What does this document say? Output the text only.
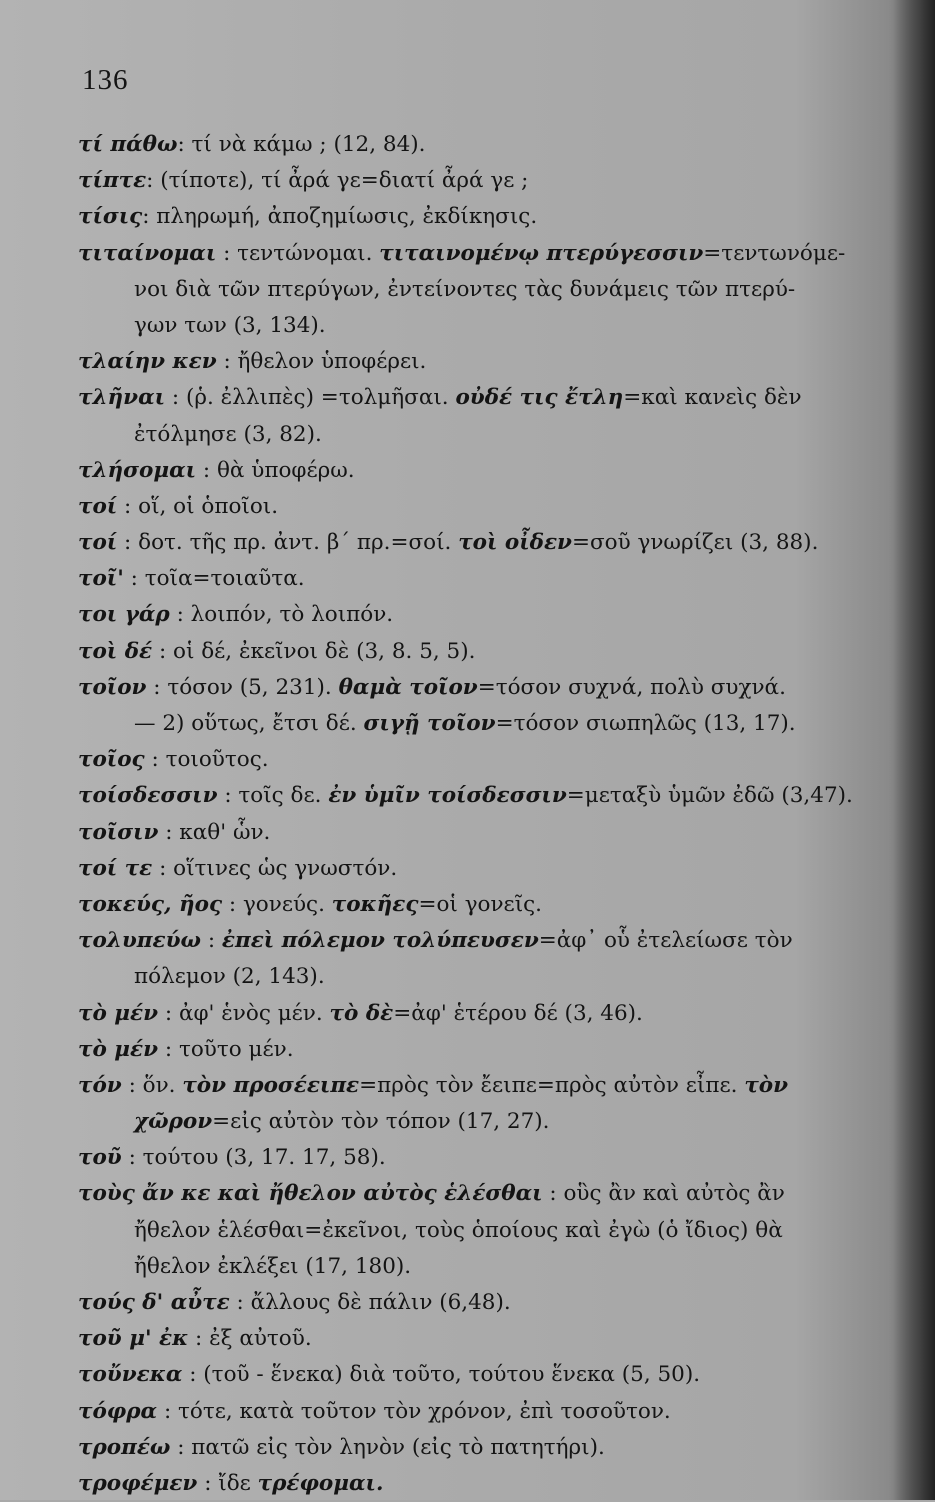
136
τί πάθω: τί νὰ κάμω ; (12, 84).
τίπτε: (τίποτε), τί ἆρά γε=διατί ἆρά γε ;
τίσις: πληρωμή, ἀποζημίωσις, ἐκδίκησις.
τιταίνομαι : τεντώνομαι. τιταινομένῳ πτερύγεσσιν=τεντωνόμε-
νοι διὰ τῶν πτερύγων, ἐντείνοντες τὰς δυνάμεις τῶν πτερύ-
γων των (3, 134).
τλαίην κεν : ἤθελον ὑποφέρει.
τλῆναι : (ῥ. ἐλλιπὲς) =τολμῆσαι. οὐδέ τις ἔτλη=καὶ κανεὶς δὲν
ἐτόλμησε (3, 82).
τλήσομαι : θὰ ὑποφέρω.
τοί : οἵ, οἱ ὁποῖοι.
τοί : δοτ. τῆς πρ. ἀντ. β΄ πρ.=σοί. τοὶ οἶδεν=σοῦ γνωρίζει (3, 88).
τοῖ' : τοῖα=τοιαῦτα.
τοι γάρ : λοιπόν, τὸ λοιπόν.
τοὶ δέ : οἱ δέ, ἐκεῖνοι δὲ (3, 8. 5, 5).
τοῖον : τόσον (5, 231). θαμὰ τοῖον=τόσον συχνά, πολὺ συχνά.
— 2) οὕτως, ἔτσι δέ. σιγῇ τοῖον=τόσον σιωπηλῶς (13, 17).
τοῖος : τοιοῦτος.
τοίσδεσσιν : τοῖς δε. ἐν ὑμῖν τοίσδεσσιν=μεταξὺ ὑμῶν ἐδῶ (3,47).
τοῖσιν : καθ' ὧν.
τοί τε : οἵτινες ὡς γνωστόν.
τοκεύς, ῆος : γονεύς. τοκῆες=οἱ γονεῖς.
τολυπεύω : ἐπεὶ πόλεμον τολύπευσεν=ἀφ᾽ οὗ ἐτελείωσε τὸν
πόλεμον (2, 143).
τὸ μέν : ἀφ' ἑνὸς μέν. τὸ δὲ=ἀφ' ἑτέρου δέ (3, 46).
τὸ μέν : τοῦτο μέν.
τόν : ὅν. τὸν προσέειπε=πρὸς τὸν ἔειπε=πρὸς αὐτὸν εἶπε. τὸν
χῶρον=εἰς αὐτὸν τὸν τόπον (17, 27).
τοῦ : τούτου (3, 17. 17, 58).
τοὺς ἄν κε καὶ ἤθελον αὐτὸς ἑλέσθαι : οὓς ἂν καὶ αὐτὸς ἂν
ἤθελον ἑλέσθαι=ἐκεῖνοι, τοὺς ὁποίους καὶ ἐγὼ (ὁ ἴδιος) θὰ
ἤθελον ἐκλέξει (17, 180).
τούς δ' αὖτε : ἄλλους δὲ πάλιν (6,48).
τοῦ μ' ἐκ : ἐξ αὐτοῦ.
τοὔνεκα : (τοῦ - ἕνεκα) διὰ τοῦτο, τούτου ἕνεκα (5, 50).
τόφρα : τότε, κατὰ τοῦτον τὸν χρόνον, ἐπὶ τοσοῦτον.
τροπέω : πατῶ εἰς τὸν ληνὸν (εἰς τὸ πατητήρι).
τροφέμεν : ἴδε τρέφομαι.
